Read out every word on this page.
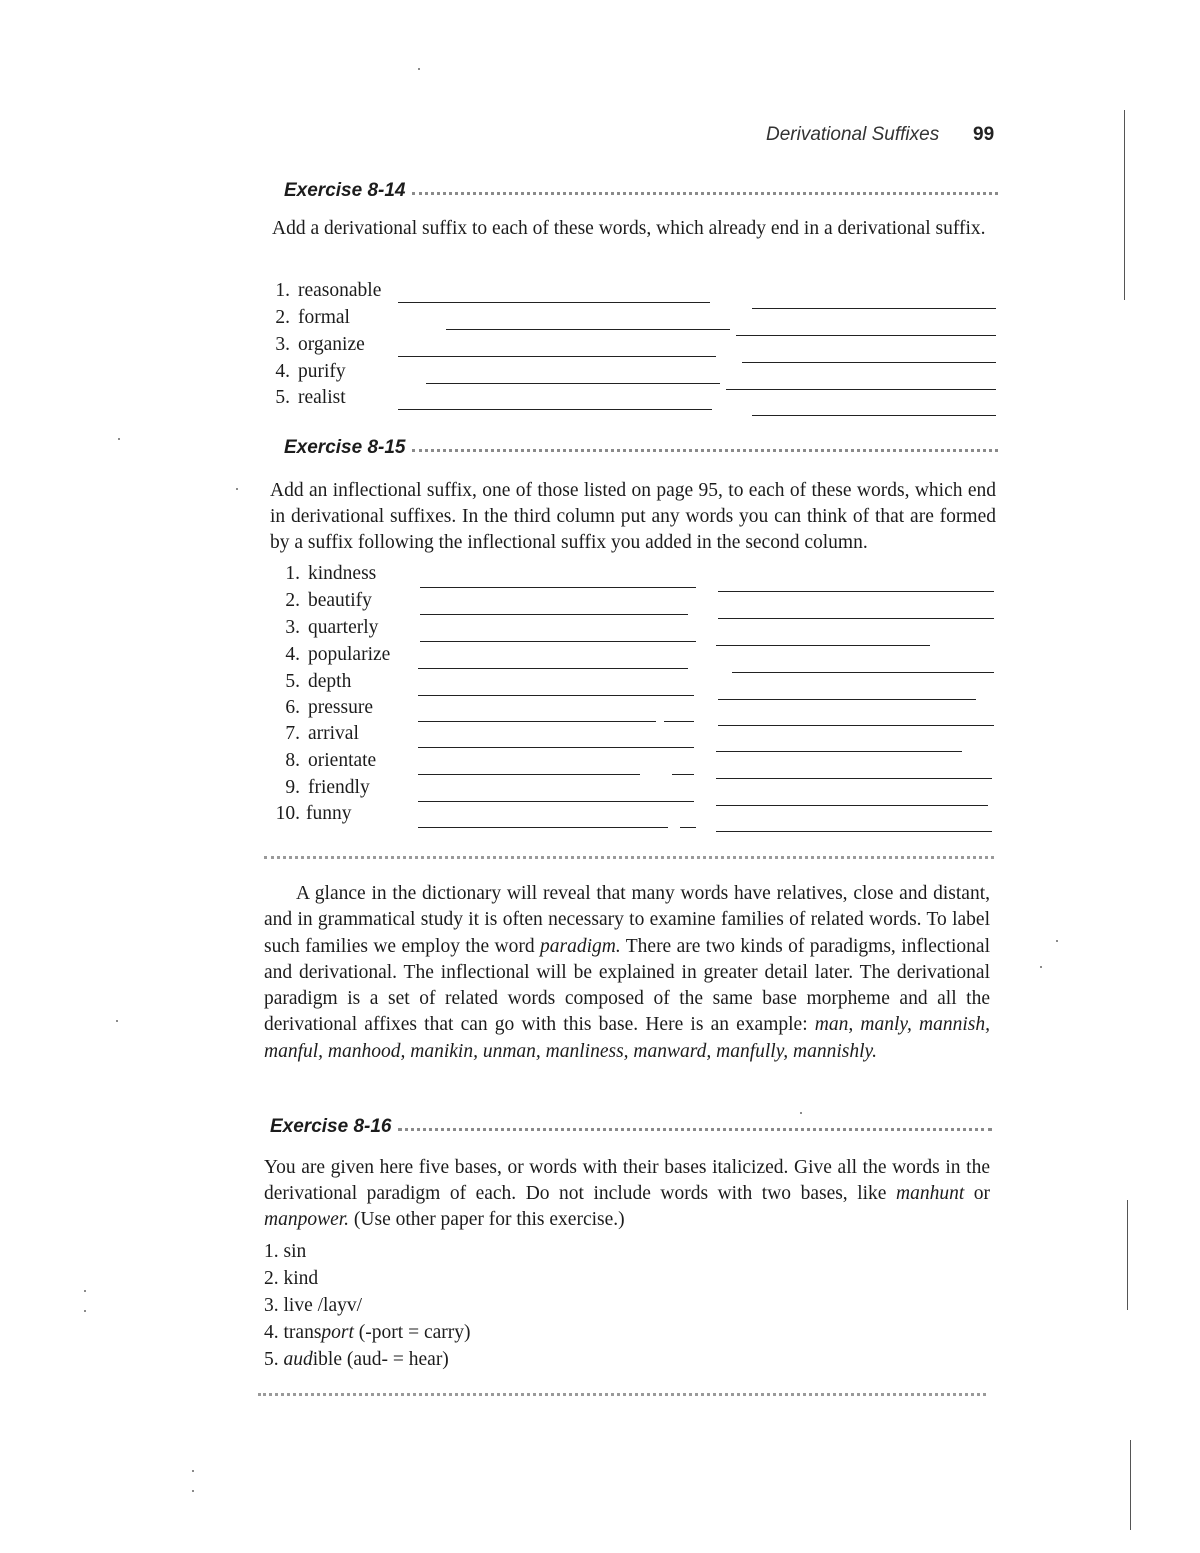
Derivational Suffixes 99
Exercise 8-14

Add a derivational suffix to each of these words, which already end in a derivational suffix.

1. reasonable
2. formal
3. organize
4. purify
5. realist
Exercise 8-15

Add an inflectional suffix, one of those listed on page 95, to each of these words, which end in derivational suffixes. In the third column put any words you can think of that are formed by a suffix following the inflectional suffix you added in the second column.

1. kindness
2. beautify
3. quarterly
4. popularize
5. depth
6. pressure
7. arrival
8. orientate
9. friendly
10. funny

A glance in the dictionary will reveal that many words have relatives, close and distant, and in grammatical study it is often necessary to examine families of related words. To label such families we employ the word paradigm. There are two kinds of paradigms, inflectional and derivational. The inflectional will be explained in greater detail later. The derivational paradigm is a set of related words composed of the same base morpheme and all the derivational affixes that can go with this base. Here is an example: man, manly, mannish, manful, manhood, manikin, unman, manliness, manward, manfully, mannishly.

Exercise 8-16

You are given here five bases, or words with their bases italicized. Give all the words in the derivational paradigm of each. Do not include words with two bases, like manhunt or manpower. (Use other paper for this exercise.)

1. sin
2. kind
3. live /layv/
4. transport (-port = carry)
5. audible (aud- = hear)
